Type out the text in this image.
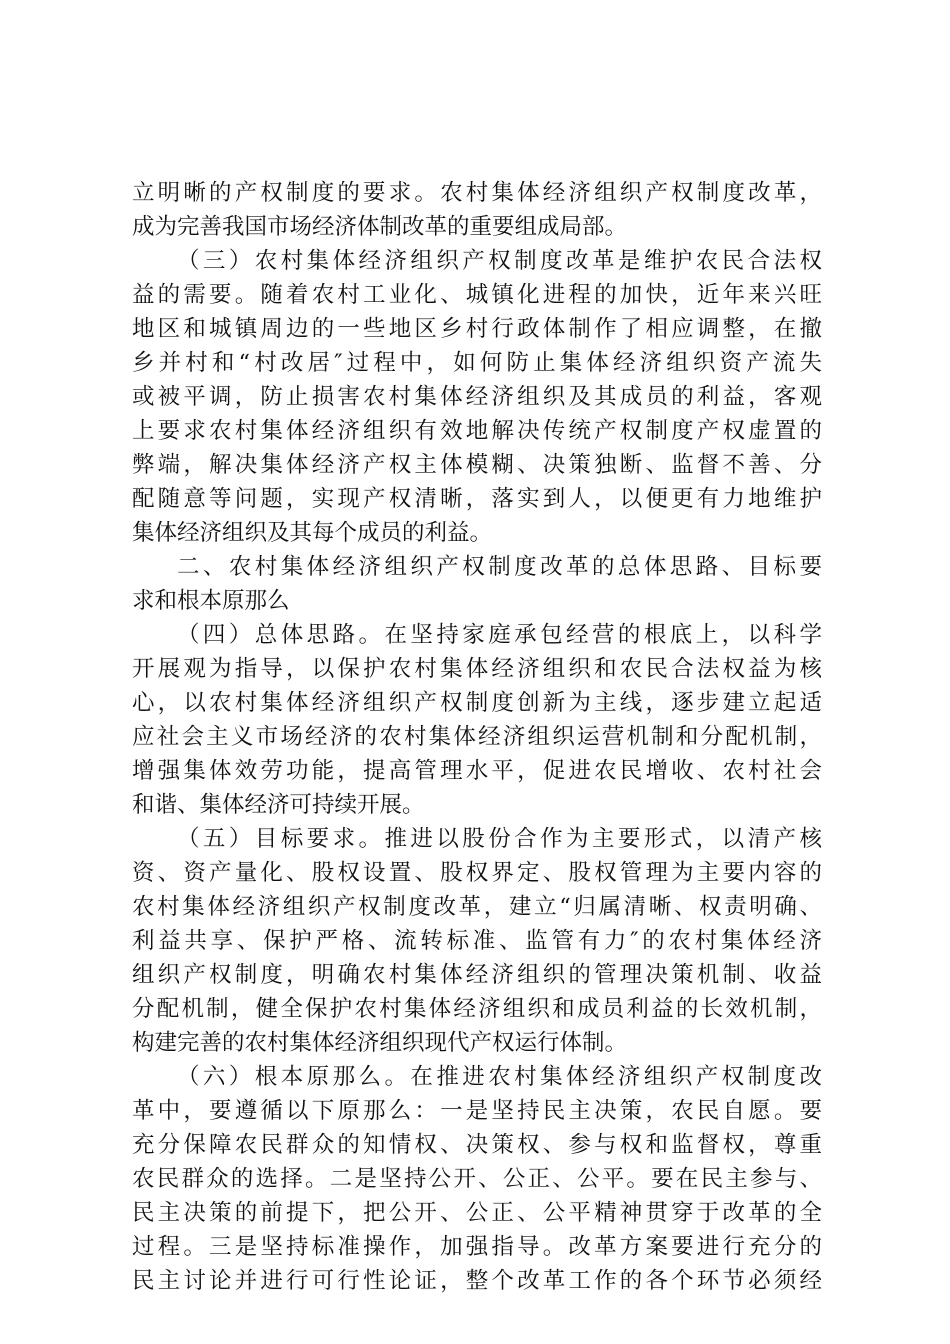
立明晰的产权制度的要求。农村集体经济组织产权制度改革，
成为完善我国市场经济体制改革的重要组成局部。
（三）农村集体经济组织产权制度改革是维护农民合法权
益的需要。随着农村工业化、城镇化进程的加快，近年来兴旺
地区和城镇周边的一些地区乡村行政体制作了相应调整，在撤
乡并村和“村改居″过程中，如何防止集体经济组织资产流失
或被平调，防止损害农村集体经济组织及其成员的利益，客观
上要求农村集体经济组织有效地解决传统产权制度产权虚置的
弊端，解决集体经济产权主体模糊、决策独断、监督不善、分
配随意等问题，实现产权清晰，落实到人，以便更有力地维护
集体经济组织及其每个成员的利益。
二、农村集体经济组织产权制度改革的总体思路、目标要
求和根本原那么
（四）总体思路。在坚持家庭承包经营的根底上，以科学
开展观为指导，以保护农村集体经济组织和农民合法权益为核
心，以农村集体经济组织产权制度创新为主线，逐步建立起适
应社会主义市场经济的农村集体经济组织运营机制和分配机制，
增强集体效劳功能，提高管理水平，促进农民增收、农村社会
和谐、集体经济可持续开展。
（五）目标要求。推进以股份合作为主要形式，以清产核
资、资产量化、股权设置、股权界定、股权管理为主要内容的
农村集体经济组织产权制度改革，建立“归属清晰、权责明确、
利益共享、保护严格、流转标准、监管有力″的农村集体经济
组织产权制度，明确农村集体经济组织的管理决策机制、收益
分配机制，健全保护农村集体经济组织和成员利益的长效机制，
构建完善的农村集体经济组织现代产权运行体制。
（六）根本原那么。在推进农村集体经济组织产权制度改
革中，要遵循以下原那么：一是坚持民主决策，农民自愿。要
充分保障农民群众的知情权、决策权、参与权和监督权，尊重
农民群众的选择。二是坚持公开、公正、公平。要在民主参与、
民主决策的前提下，把公开、公正、公平精神贯穿于改革的全
过程。三是坚持标准操作，加强指导。改革方案要进行充分的
民主讨论并进行可行性论证，整个改革工作的各个环节必须经
